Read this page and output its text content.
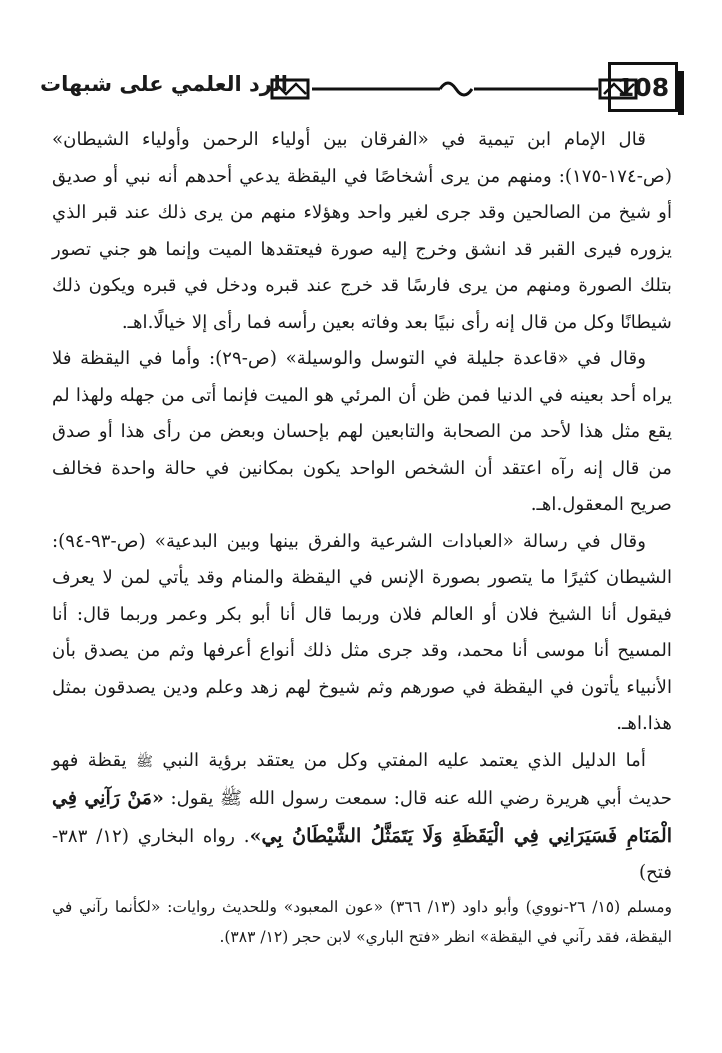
108
الرد العلمي على شبهات

قال الإمام ابن تيمية في «الفرقان بين أولياء الرحمن وأولياء الشيطان» (ص-١٧٤-١٧٥): ومنهم من يرى أشخاصًا في اليقظة يدعي أحدهم أنه نبي أو صديق أو شيخ من الصالحين وقد جرى لغير واحد وهؤلاء منهم من يرى ذلك عند قبر الذي يزوره فيرى القبر قد انشق وخرج إليه صورة فيعتقدها الميت وإنما هو جني تصور بتلك الصورة ومنهم من يرى فارسًا قد خرج عند قبره ودخل في قبره ويكون ذلك شيطانًا وكل من قال إنه رأى نبيًا بعد وفاته بعين رأسه فما رأى إلا خيالًا.اهـ.

وقال في «قاعدة جليلة في التوسل والوسيلة» (ص-٢٩): وأما في اليقظة فلا يراه أحد بعينه في الدنيا فمن ظن أن المرئي هو الميت فإنما أتى من جهله ولهذا لم يقع مثل هذا لأحد من الصحابة والتابعين لهم بإحسان وبعض من رأى هذا أو صدق من قال إنه رآه اعتقد أن الشخص الواحد يكون بمكانين في حالة واحدة فخالف صريح المعقول.اهـ.

وقال في رسالة «العبادات الشرعية والفرق بينها وبين البدعية» (ص-٩٣-٩٤): الشيطان كثيرًا ما يتصور بصورة الإنس في اليقظة والمنام وقد يأتي لمن لا يعرف فيقول أنا الشيخ فلان أو العالم فلان وربما قال أنا أبو بكر وعمر وربما قال: أنا المسيح أنا موسى أنا محمد، وقد جرى مثل ذلك أنواع أعرفها وثم من يصدق بأن الأنبياء يأتون في اليقظة في صورهم وثم شيوخ لهم زهد وعلم ودين يصدقون بمثل هذا.اهـ.

أما الدليل الذي يعتمد عليه المفتي وكل من يعتقد برؤية النبي ﷺ يقظة فهو حديث أبي هريرة رضي الله عنه قال: سمعت رسول الله ﷺ يقول: «مَنْ رَآنِي فِي الْمَنَامِ فَسَيَرَانِي فِي الْيَقَظَةِ وَلَا يَتَمَثَّلُ الشَّيْطَانُ بِي». رواه البخاري (١٢/ ٣٨٣-فتح)

ومسلم (١٥/ ٢٦-نووي) وأبو داود (١٣/ ٣٦٦) «عون المعبود» وللحديث روايات: «لكأنما رآني في اليقظة، فقد رآني في اليقظة» انظر «فتح الباري» لابن حجر (١٢/ ٣٨٣).
